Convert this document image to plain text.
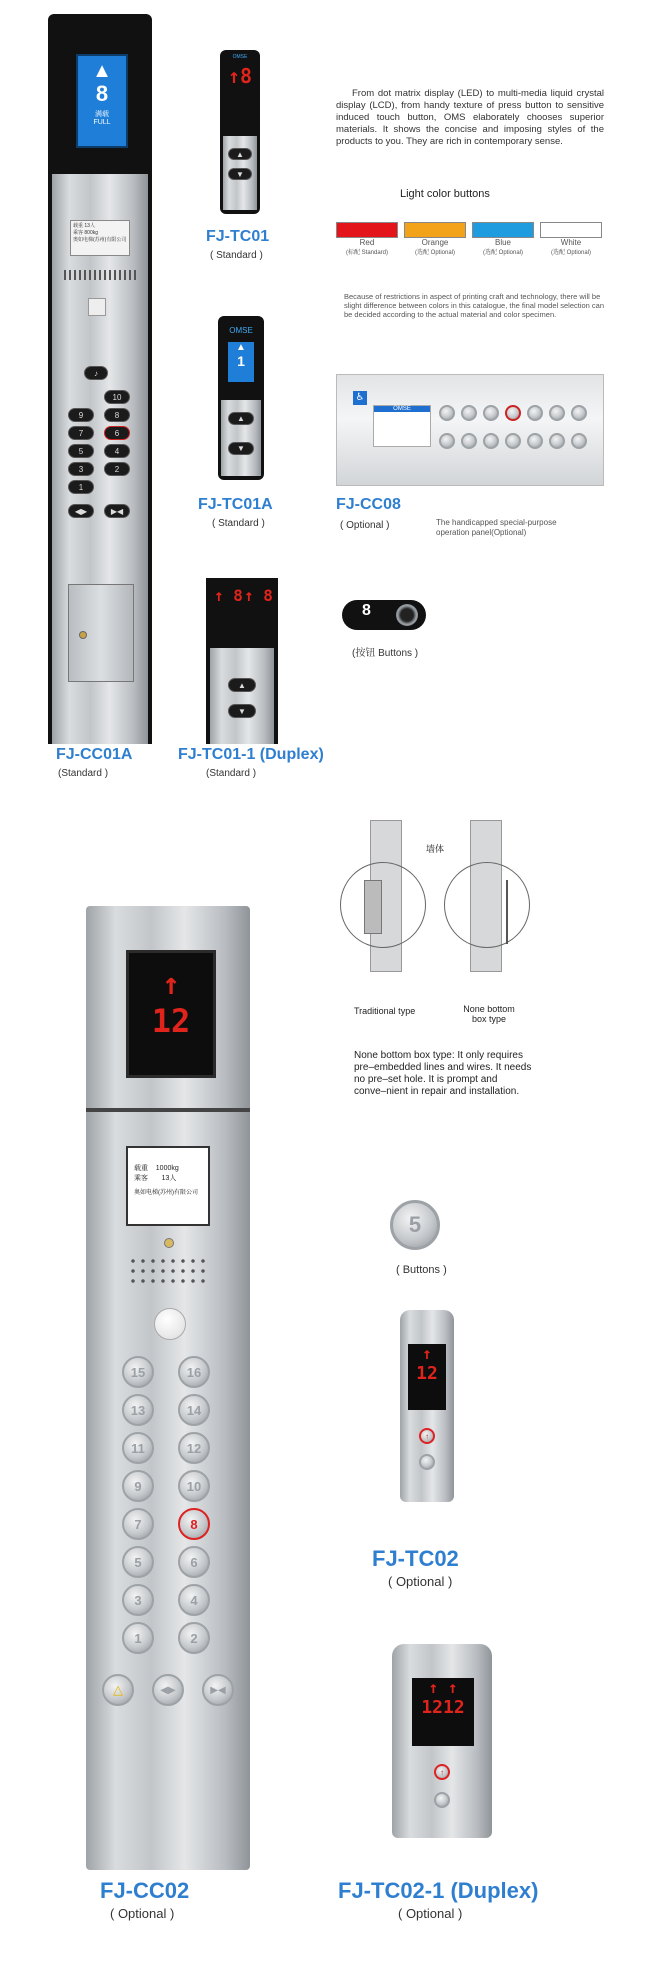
▲
8
满载
FULL
载重 13人
乘客 800kg
奥如电梯(苏州)有限公司
♪
10
9	8
7	6
5	4
3	2
1
◀▶	▶◀
FJ-CC01A
(Standard )
OMSE
↑8
▲
▼
FJ-TC01
( Standard )
OMSE
▲
1
▲
▼
FJ-TC01A
( Standard )
↑ 8 ↑ 8
▲
▼
FJ-TC01-1 (Duplex)
(Standard )
From dot matrix display (LED) to multi-media liquid crystal display (LCD), from handy texture of press button to sensitive induced touch button, OMS elaborately chooses superior materials. It shows the concise and imposing styles of the products to you. They are rich in contemporary sense.
Light color buttons
Red
(标配 Standard)
Orange
(选配 Optional)
Blue
(选配 Optional)
White
(选配 Optional)
Because of restrictions in aspect of printing craft and technology, there will be slight difference between colors in this catalogue, the final model selection can be decided according to the actual material and color specimen.
♿
OMSE
FJ-CC08
( Optional )	The handicapped special-purpose operation panel(Optional)
8
(按钮 Buttons )
墙体
Traditional type	None bottom box type
None bottom box type: It only requires pre–embedded lines and wires. It needs no pre–set hole. It is prompt and conve–nient in repair and installation.
↑
12
载重 1000kg
乘客 13人
奥如电梯(苏州)有限公司
15	16
13	14
11	12
9	10
7	8
5	6
3	4
1	2
△	◀▶	▶◀
FJ-CC02
( Optional )
5
( Buttons )
↑
12
↑
FJ-TC02
( Optional )
↑ ↑
1212
↑
FJ-TC02-1 (Duplex)
( Optional )
